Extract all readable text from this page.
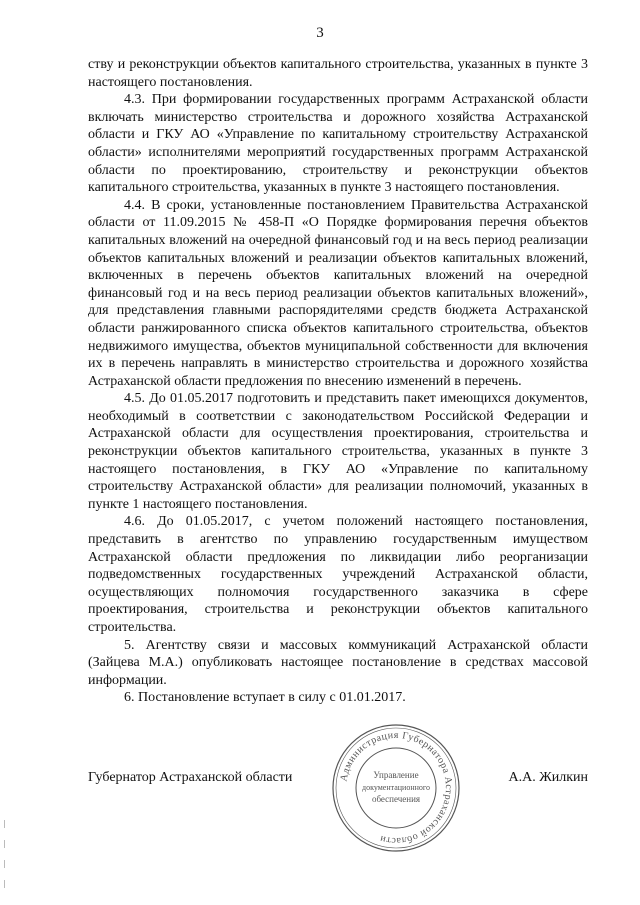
3

ству и реконструкции объектов капитального строительства, указанных в пункте 3 настоящего постановления.

4.3. При формировании государственных программ Астраханской области включать министерство строительства и дорожного хозяйства Астраханской области и ГКУ АО «Управление по капитальному строительству Астраханской области» исполнителями мероприятий государственных программ Астраханской области по проектированию, строительству и реконструкции объектов капитального строительства, указанных в пункте 3 настоящего постановления.

4.4. В сроки, установленные постановлением Правительства Астраханской области от 11.09.2015 № 458-П «О Порядке формирования перечня объектов капитальных вложений на очередной финансовый год и на весь период реализации объектов капитальных вложений и реализации объектов капитальных вложений, включенных в перечень объектов капитальных вложений на очередной финансовый год и на весь период реализации объектов капитальных вложений», для представления главными распорядителями средств бюджета Астраханской области ранжированного списка объектов капитального строительства, объектов недвижимого имущества, объектов муниципальной собственности для включения их в перечень направлять в министерство строительства и дорожного хозяйства Астраханской области предложения по внесению изменений в перечень.

4.5. До 01.05.2017 подготовить и представить пакет имеющихся документов, необходимый в соответствии с законодательством Российской Федерации и Астраханской области для осуществления проектирования, строительства и реконструкции объектов капитального строительства, указанных в пункте 3 настоящего постановления, в ГКУ АО «Управление по капитальному строительству Астраханской области» для реализации полномочий, указанных в пункте 1 настоящего постановления.

4.6. До 01.05.2017, с учетом положений настоящего постановления, представить в агентство по управлению государственным имуществом Астраханской области предложения по ликвидации либо реорганизации подведомственных государственных учреждений Астраханской области, осуществляющих полномочия государственного заказчика в сфере проектирования, строительства и реконструкции объектов капитального строительства.

5. Агентству связи и массовых коммуникаций Астраханской области (Зайцева М.А.) опубликовать настоящее постановление в средствах массовой информации.

6. Постановление вступает в силу с 01.01.2017.

Губернатор Астраханской области	А.А. Жилкин
Администрация Губернатора Астраханской области
Управление
документационного
обеспечения
